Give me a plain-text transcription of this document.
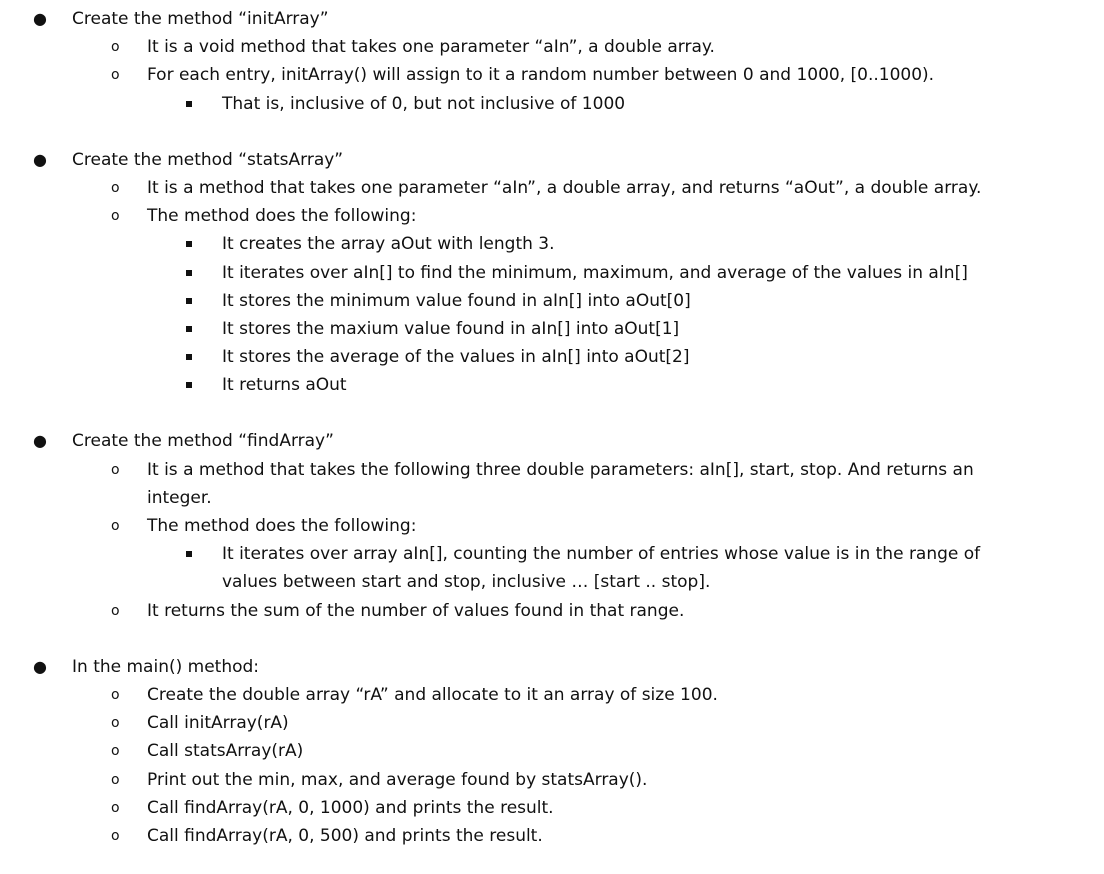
● Create the method “initArray”
o It is a void method that takes one parameter “aIn”, a double array.
o For each entry, initArray() will assign to it a random number between 0 and 1000, [0..1000).
That is, inclusive of 0, but not inclusive of 1000
● Create the method “statsArray”
o It is a method that takes one parameter “aIn”, a double array, and returns “aOut”, a double array.
o The method does the following:
It creates the array aOut with length 3.
It iterates over aIn[] to find the minimum, maximum, and average of the values in aIn[]
It stores the minimum value found in aIn[] into aOut[0]
It stores the maxium value found in aIn[] into aOut[1]
It stores the average of the values in aIn[] into aOut[2]
It returns aOut
● Create the method “findArray”
o It is a method that takes the following three double parameters: aIn[], start, stop. And returns an
integer.
o The method does the following:
It iterates over array aIn[], counting the number of entries whose value is in the range of
values between start and stop, inclusive … [start .. stop].
o It returns the sum of the number of values found in that range.
● In the main() method:
o Create the double array “rA” and allocate to it an array of size 100.
o Call initArray(rA)
o Call statsArray(rA)
o Print out the min, max, and average found by statsArray().
o Call findArray(rA, 0, 1000) and prints the result.
o Call findArray(rA, 0, 500) and prints the result.
